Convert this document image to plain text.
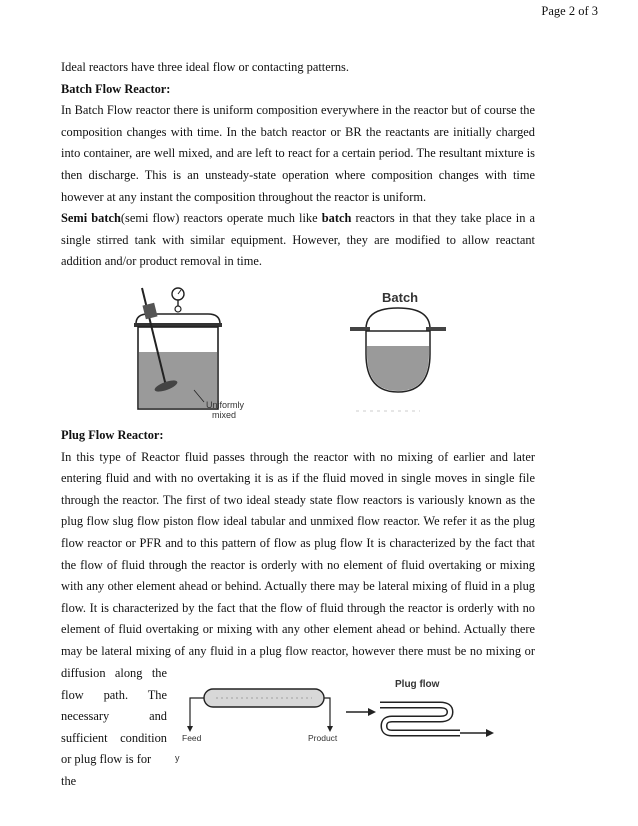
Page 2 of 3
Ideal reactors have three ideal flow or contacting patterns.
Batch Flow Reactor:
In Batch Flow reactor there is uniform composition everywhere in the reactor but of course the
composition changes with time. In the batch reactor or BR the reactants are initially charged
into container, are well mixed, and are left to react for a certain period. The resultant mixture is
then discharge. This is an unsteady-state operation where composition changes with time
however at any instant the composition throughout the reactor is uniform.
Semi batch(semi flow) reactors operate much like batch reactors in that they take place in a
single stirred tank with similar equipment. However, they are modified to allow reactant
addition and/or product removal in time.
Plug Flow Reactor:
In this type of Reactor fluid passes through the reactor with no mixing of earlier and later
entering fluid and with no overtaking it is as if the fluid moved in single moves in single file
through the reactor. The first of two ideal steady state flow reactors is variously known as the
plug flow slug flow piston flow ideal tabular and unmixed flow reactor. We refer it as the plug
flow reactor or PFR and to this pattern of flow as plug flow It is characterized by the fact that
the flow of fluid through the reactor is orderly with no element of fluid overtaking or mixing
with any other element ahead or behind. Actually there may be lateral mixing of fluid in a plug
flow. It is characterized by the fact that the flow of fluid through the reactor is orderly with no
element of fluid overtaking or mixing with any other element ahead or behind. Actually there
may be lateral mixing of any fluid in a plug flow reactor, however there must be no mixing or
diffusion along the
flow path. The
necessary and
sufficient condition
or plug flow is for the
Uniformly
mixed
Batch
Feed	Product
Plug flow
y
